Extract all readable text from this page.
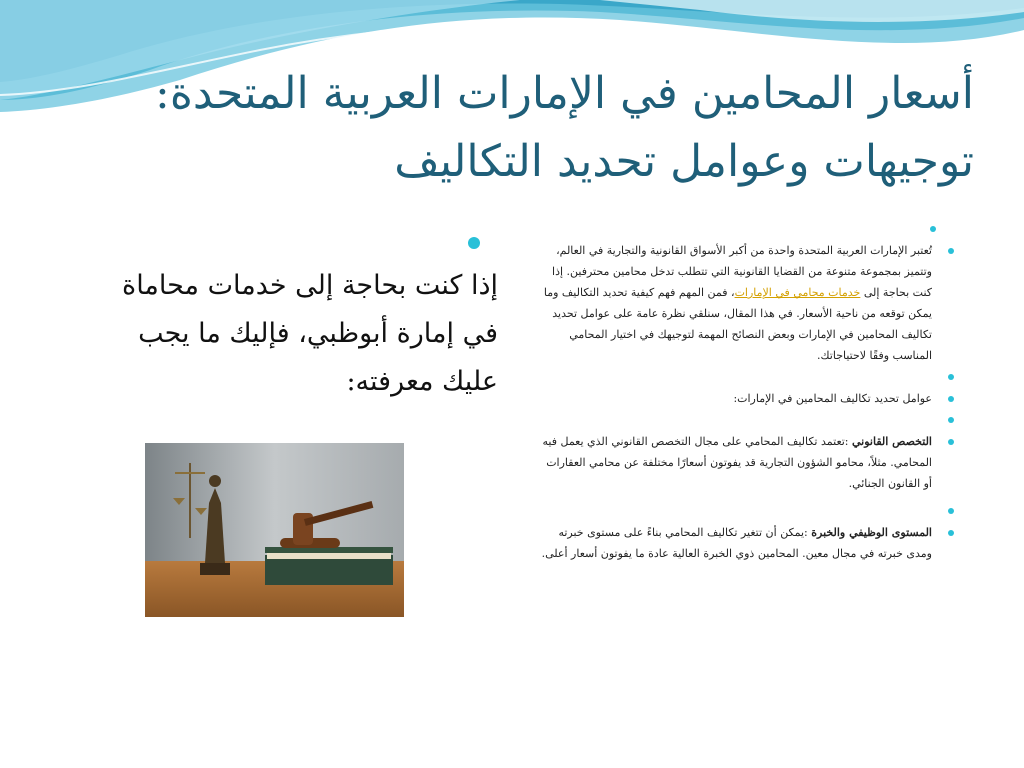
أسعار المحامين في الإمارات العربية المتحدة: توجيهات وعوامل تحديد التكاليف

إذا كنت بحاجة إلى خدمات محاماة في إمارة أبوظبي، فإليك ما يجب عليك معرفته:

تُعتبر الإمارات العربية المتحدة واحدة من أكبر الأسواق القانونية والتجارية في العالم، وتتميز بمجموعة متنوعة من القضايا القانونية التي تتطلب تدخل محامين محترفين. إذا كنت بحاجة إلى خدمات محامي في الإمارات، فمن المهم فهم كيفية تحديد التكاليف وما يمكن توقعه من ناحية الأسعار. في هذا المقال، سنلقي نظرة عامة على عوامل تحديد تكاليف المحامين في الإمارات وبعض النصائح المهمة لتوجيهك في اختيار المحامي المناسب وفقًا لاحتياجاتك.
عوامل تحديد تكاليف المحامين في الإمارات:
التخصص القانوني :تعتمد تكاليف المحامي على مجال التخصص القانوني الذي يعمل فيه المحامي. مثلاً، محامو الشؤون التجارية قد يفوتون أسعارًا مختلفة عن محامي العقارات أو القانون الجنائي.
المستوى الوظيفي والخبرة :يمكن أن تتغير تكاليف المحامي بناءً على مستوى خبرته ومدى خبرته في مجال معين. المحامين ذوي الخبرة العالية عادة ما يفوتون أسعار أعلى.
